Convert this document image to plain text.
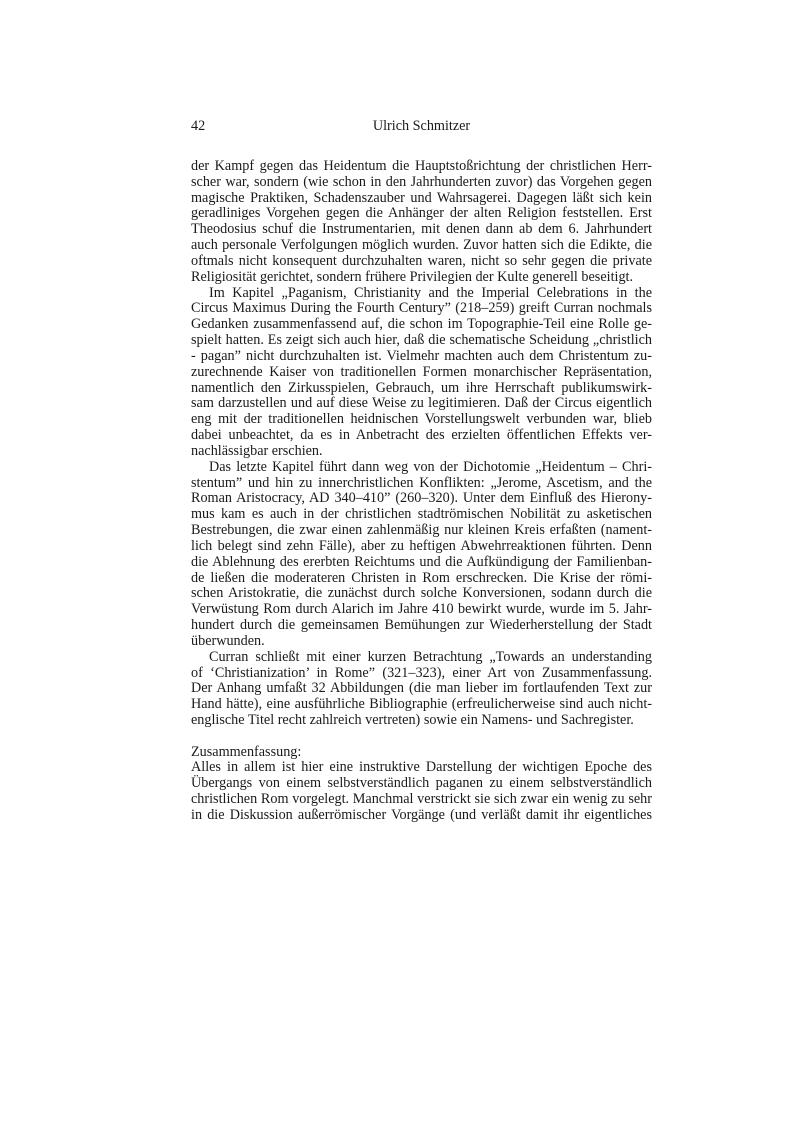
42	Ulrich Schmitzer
der Kampf gegen das Heidentum die Hauptstoßrichtung der christlichen Herr-
scher war, sondern (wie schon in den Jahrhunderten zuvor) das Vorgehen gegen
magische Praktiken, Schadenszauber und Wahrsagerei. Dagegen läßt sich kein
geradliniges Vorgehen gegen die Anhänger der alten Religion feststellen. Erst
Theodosius schuf die Instrumentarien, mit denen dann ab dem 6. Jahrhundert
auch personale Verfolgungen möglich wurden. Zuvor hatten sich die Edikte, die
oftmals nicht konsequent durchzuhalten waren, nicht so sehr gegen die private
Religiosität gerichtet, sondern frühere Privilegien der Kulte generell beseitigt.
Im Kapitel „Paganism, Christianity and the Imperial Celebrations in the
Circus Maximus During the Fourth Century” (218–259) greift Curran nochmals
Gedanken zusammenfassend auf, die schon im Topographie-Teil eine Rolle ge-
spielt hatten. Es zeigt sich auch hier, daß die schematische Scheidung „christlich
- pagan” nicht durchzuhalten ist. Vielmehr machten auch dem Christentum zu-
zurechnende Kaiser von traditionellen Formen monarchischer Repräsentation,
namentlich den Zirkusspielen, Gebrauch, um ihre Herrschaft publikumswirk-
sam darzustellen und auf diese Weise zu legitimieren. Daß der Circus eigentlich
eng mit der traditionellen heidnischen Vorstellungswelt verbunden war, blieb
dabei unbeachtet, da es in Anbetracht des erzielten öffentlichen Effekts ver-
nachlässigbar erschien.
Das letzte Kapitel führt dann weg von der Dichotomie „Heidentum – Chri-
stentum” und hin zu innerchristlichen Konflikten: „Jerome, Ascetism, and the
Roman Aristocracy, AD 340–410” (260–320). Unter dem Einfluß des Hierony-
mus kam es auch in der christlichen stadtrömischen Nobilität zu asketischen
Bestrebungen, die zwar einen zahlenmäßig nur kleinen Kreis erfaßten (nament-
lich belegt sind zehn Fälle), aber zu heftigen Abwehrreaktionen führten. Denn
die Ablehnung des ererbten Reichtums und die Aufkündigung der Familienban-
de ließen die moderateren Christen in Rom erschrecken. Die Krise der römi-
schen Aristokratie, die zunächst durch solche Konversionen, sodann durch die
Verwüstung Rom durch Alarich im Jahre 410 bewirkt wurde, wurde im 5. Jahr-
hundert durch die gemeinsamen Bemühungen zur Wiederherstellung der Stadt
überwunden.
Curran schließt mit einer kurzen Betrachtung „Towards an understanding
of ‘Christianization’ in Rome” (321–323), einer Art von Zusammenfassung.
Der Anhang umfaßt 32 Abbildungen (die man lieber im fortlaufenden Text zur
Hand hätte), eine ausführliche Bibliographie (erfreulicherweise sind auch nicht-
englische Titel recht zahlreich vertreten) sowie ein Namens- und Sachregister.
Zusammenfassung:
Alles in allem ist hier eine instruktive Darstellung der wichtigen Epoche des
Übergangs von einem selbstverständlich paganen zu einem selbstverständlich
christlichen Rom vorgelegt. Manchmal verstrickt sie sich zwar ein wenig zu sehr
in die Diskussion außerrömischer Vorgänge (und verläßt damit ihr eigentliches
